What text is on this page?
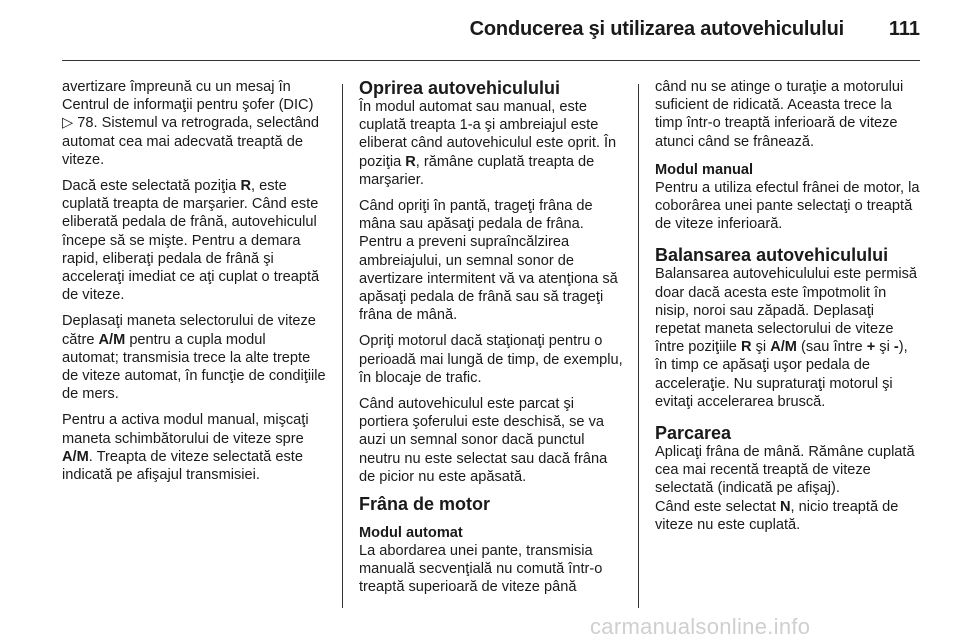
Conducerea şi utilizarea autovehiculului 111

avertizare împreună cu un mesaj în Centrul de informaţii pentru şofer (DIC) ▷ 78. Sistemul va retrograda, selectând automat cea mai adecvată treaptă de viteze.

Dacă este selectată poziţia R, este cuplată treapta de marşarier. Când este eliberată pedala de frână, autovehiculul începe să se mişte. Pentru a demara rapid, eliberaţi pedala de frână şi acceleraţi imediat ce aţi cuplat o treaptă de viteze.

Deplasaţi maneta selectorului de viteze către A/M pentru a cupla modul automat; transmisia trece la alte trepte de viteze automat, în funcţie de condiţiile de mers.

Pentru a activa modul manual, mişcaţi maneta schimbătorului de viteze spre A/M. Treapta de viteze selectată este indicată pe afişajul transmisiei.

Oprirea autovehiculului

În modul automat sau manual, este cuplată treapta 1-a şi ambreiajul este eliberat când autovehiculul este oprit. În poziţia R, rămâne cuplată treapta de marşarier.

Când opriţi în pantă, trageţi frâna de mâna sau apăsaţi pedala de frâna. Pentru a preveni supraîncălzirea ambreiajului, un semnal sonor de avertizare intermitent vă va atenţiona să apăsaţi pedala de frână sau să trageţi frâna de mână.

Opriţi motorul dacă staţionaţi pentru o perioadă mai lungă de timp, de exemplu, în blocaje de trafic.

Când autovehiculul este parcat şi portiera şoferului este deschisă, se va auzi un semnal sonor dacă punctul neutru nu este selectat sau dacă frâna de picior nu este apăsată.

Frâna de motor
Modul automat

La abordarea unei pante, transmisia manuală secvenţială nu comută într-o treaptă superioară de viteze până

când nu se atinge o turaţie a motorului suficient de ridicată. Aceasta trece la timp într-o treaptă inferioară de viteze atunci când se frânează.

Modul manual

Pentru a utiliza efectul frânei de motor, la coborârea unei pante selectaţi o treaptă de viteze inferioară.

Balansarea autovehiculului

Balansarea autovehiculului este permisă doar dacă acesta este împotmolit în nisip, noroi sau zăpadă. Deplasaţi repetat maneta selectorului de viteze între poziţiile R şi A/M (sau între + şi -), în timp ce apăsaţi uşor pedala de acceleraţie. Nu supraturaţi motorul şi evitaţi accelerarea bruscă.

Parcarea

Aplicaţi frâna de mână. Rămâne cuplată cea mai recentă treaptă de viteze selectată (indicată pe afişaj).

Când este selectat N, nicio treaptă de viteze nu este cuplată.

carmanualsonline.info
